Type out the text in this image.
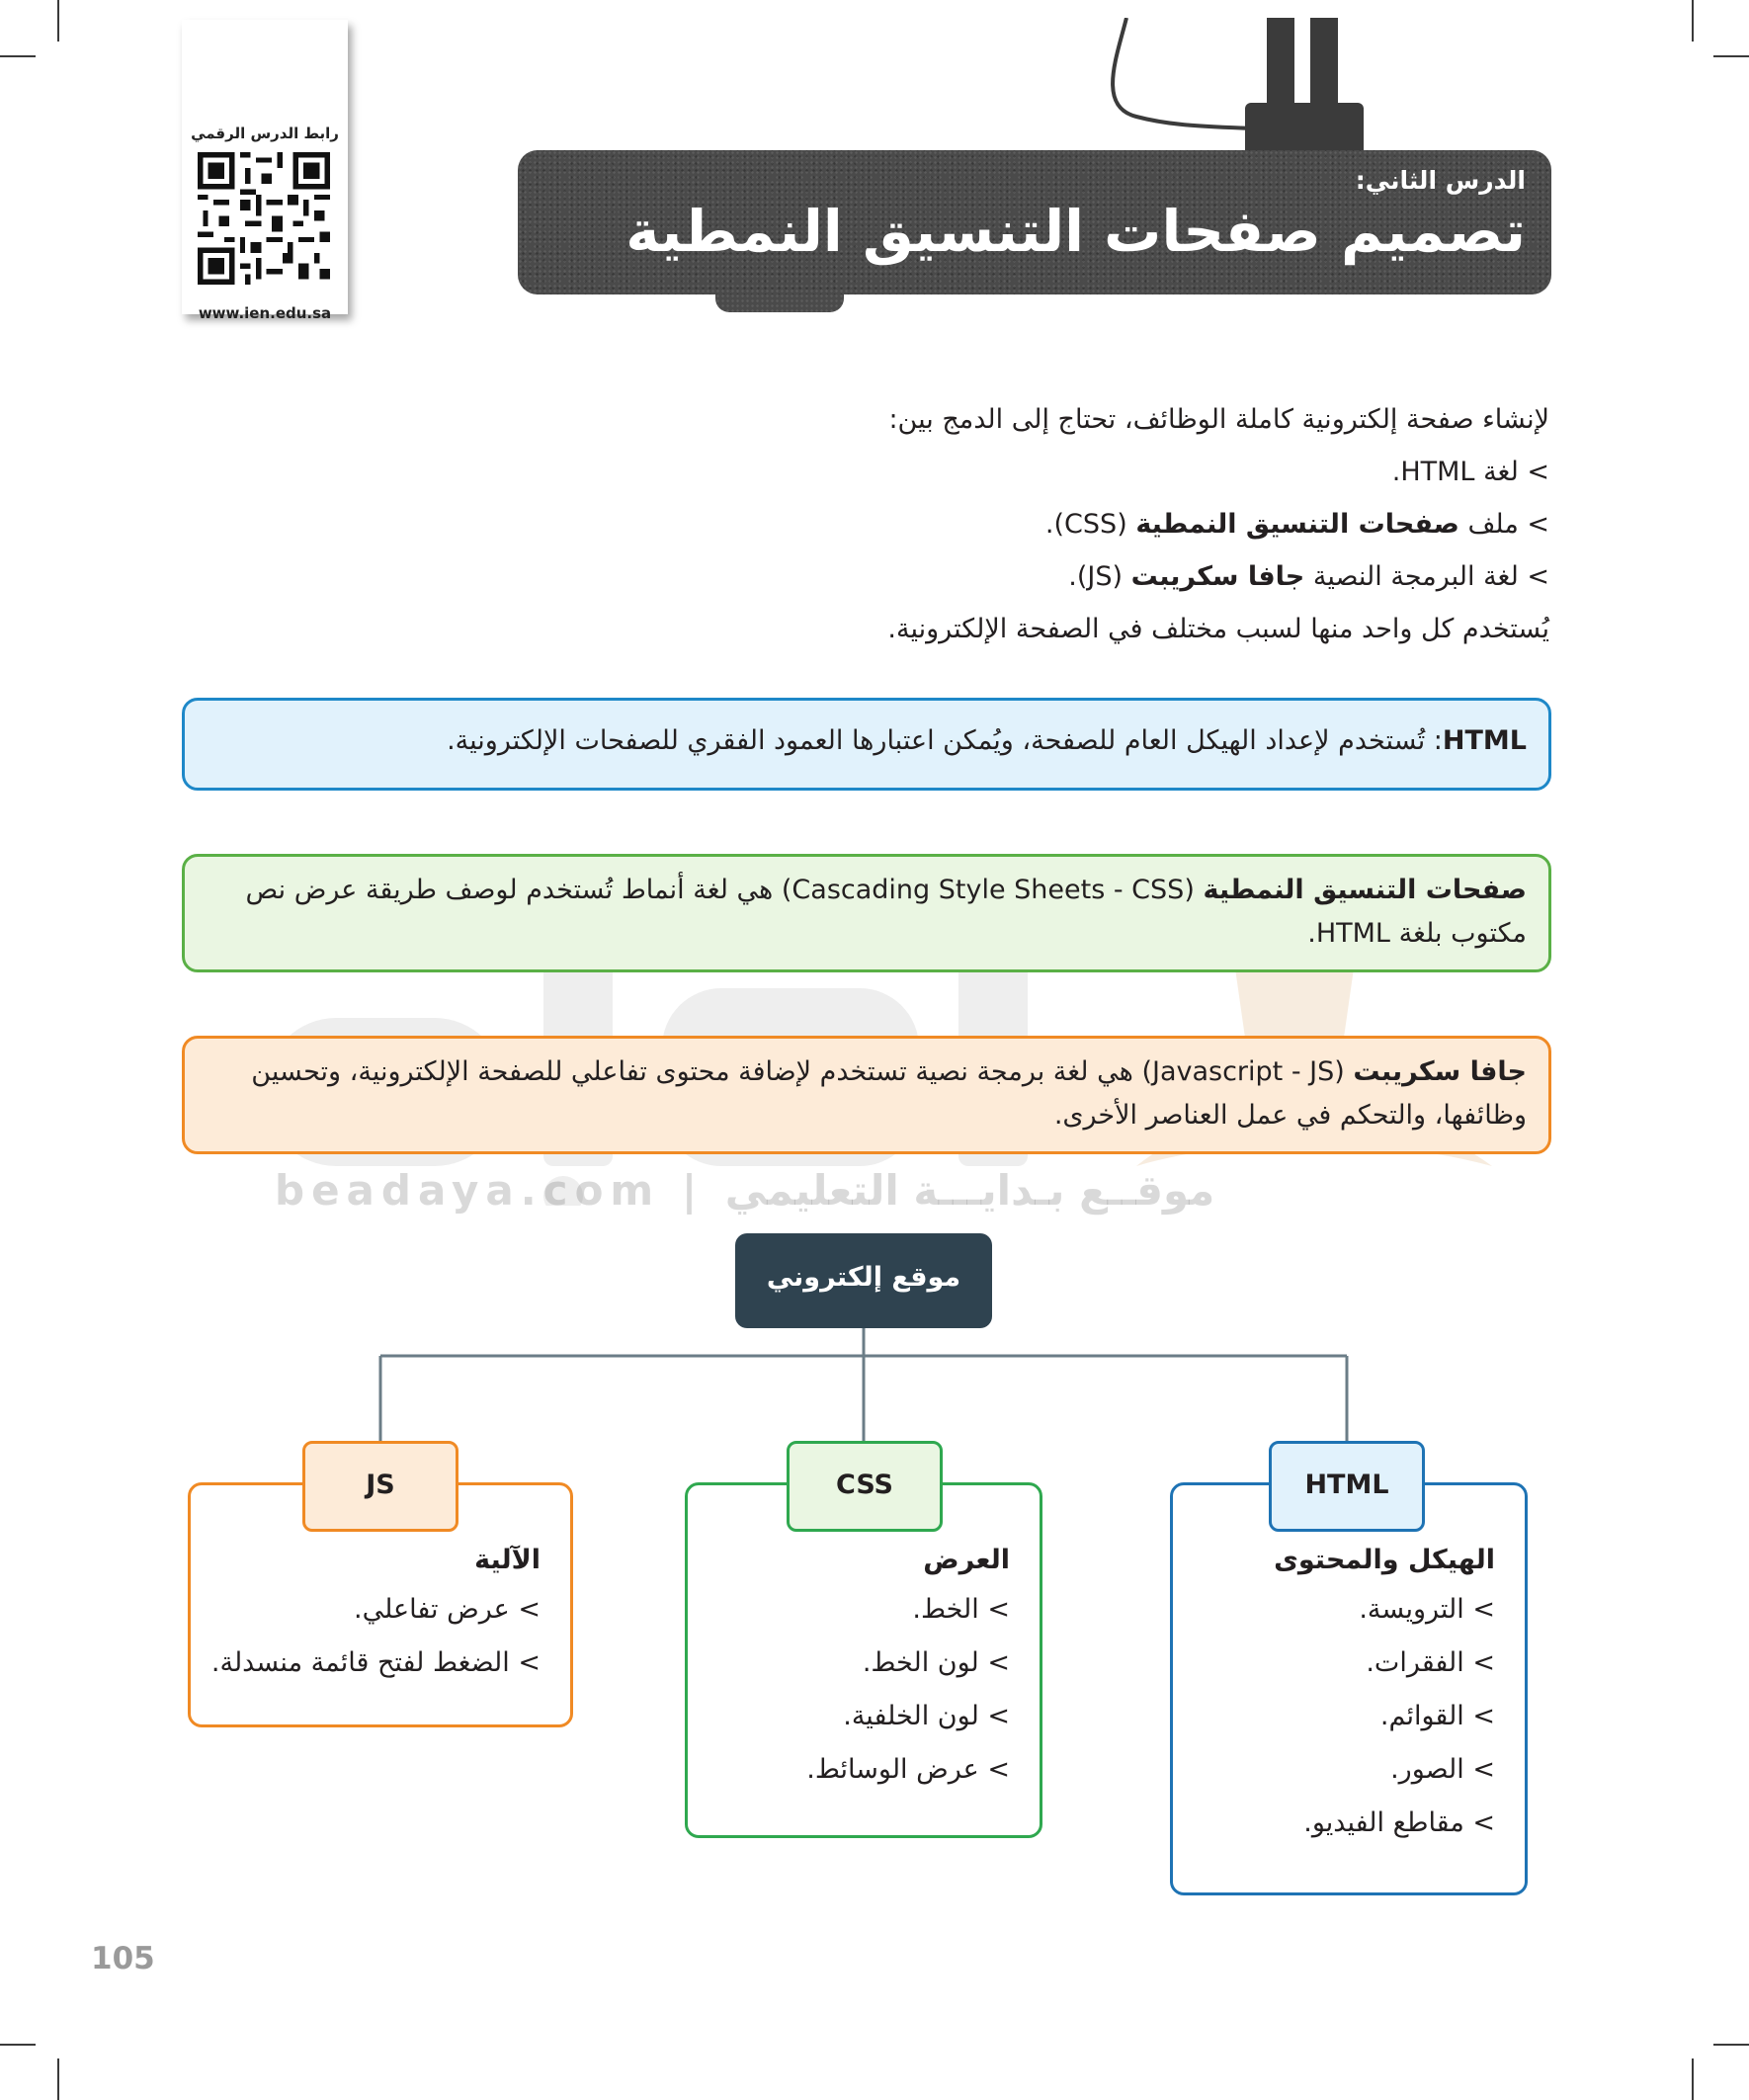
رابط الدرس الرقمي
www.ien.edu.sa
الدرس الثاني:
تصميم صفحات التنسيق النمطية
beadaya.com | موقــع بـدايـــة التعليمي
لإنشاء صفحة إلكترونية كاملة الوظائف، تحتاج إلى الدمج بين:
> لغة HTML.
> ملف صفحات التنسيق النمطية (CSS).
> لغة البرمجة النصية جافا سكريبت (JS).
يُستخدم كل واحد منها لسبب مختلف في الصفحة الإلكترونية.
HTML: تُستخدم لإعداد الهيكل العام للصفحة، ويُمكن اعتبارها العمود الفقري للصفحات الإلكترونية.
صفحات التنسيق النمطية (Cascading Style Sheets - CSS) هي لغة أنماط تُستخدم لوصف طريقة عرض نص مكتوب بلغة HTML.
جافا سكريبت (Javascript - JS) هي لغة برمجة نصية تستخدم لإضافة محتوى تفاعلي للصفحة الإلكترونية، وتحسين وظائفها، والتحكم في عمل العناصر الأخرى.
موقع إلكتروني
الهيكل والمحتوى
> الترويسة.
> الفقرات.
> القوائم.
> الصور.
> مقاطع الفيديو.
HTML
العرض
> الخط.
> لون الخط.
> لون الخلفية.
> عرض الوسائط.
CSS
الآلية
> عرض تفاعلي.
> الضغط لفتح قائمة منسدلة.
JS
105
